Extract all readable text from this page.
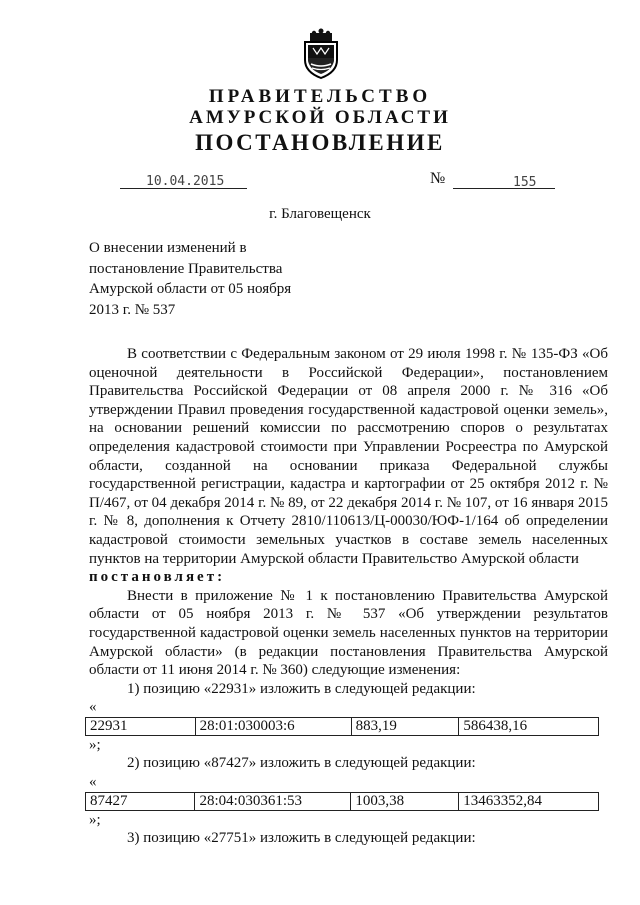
ПРАВИТЕЛЬСТВО
АМУРСКОЙ ОБЛАСТИ
ПОСТАНОВЛЕНИЕ
10.04.2015	№	155
г. Благовещенск
О внесении изменений в
постановление Правительства
Амурской области от 05 ноября
2013 г. № 537

В соответствии с Федеральным законом от 29 июля 1998 г. № 135-ФЗ «Об оценочной деятельности в Российской Федерации», постановлением Правительства Российской Федерации от 08 апреля 2000 г. № 316 «Об утверждении Правил проведения государственной кадастровой оценки земель», на основании решений комиссии по рассмотрению споров о результатах определения кадастровой стоимости при Управлении Росреестра по Амурской области, созданной на основании приказа Федеральной службы государственной регистрации, кадастра и картографии от 25 октября 2012 г. № П/467, от 04 декабря 2014 г. № 89, от 22 декабря 2014 г. № 107, от 16 января 2015 г. № 8, дополнения к Отчету 2810/110613/Ц-00030/ЮФ-1/164 об определении кадастровой стоимости земельных участков в составе земель населенных пунктов на территории Амурской области Правительство Амурской области

постановляет:

Внести в приложение № 1 к постановлению Правительства Амурской области от 05 ноября 2013 г. № 537 «Об утверждении результатов государственной кадастровой оценки земель населенных пунктов на территории Амурской области» (в редакции постановления Правительства Амурской области от 11 июня 2014 г. № 360) следующие изменения:

1) позицию «22931» изложить в следующей редакции:

«

22931	28:01:030003:6	883,19	586438,16

»;

2) позицию «87427» изложить в следующей редакции:

«

87427	28:04:030361:53	1003,38	13463352,84

»;

3) позицию «27751» изложить в следующей редакции:
